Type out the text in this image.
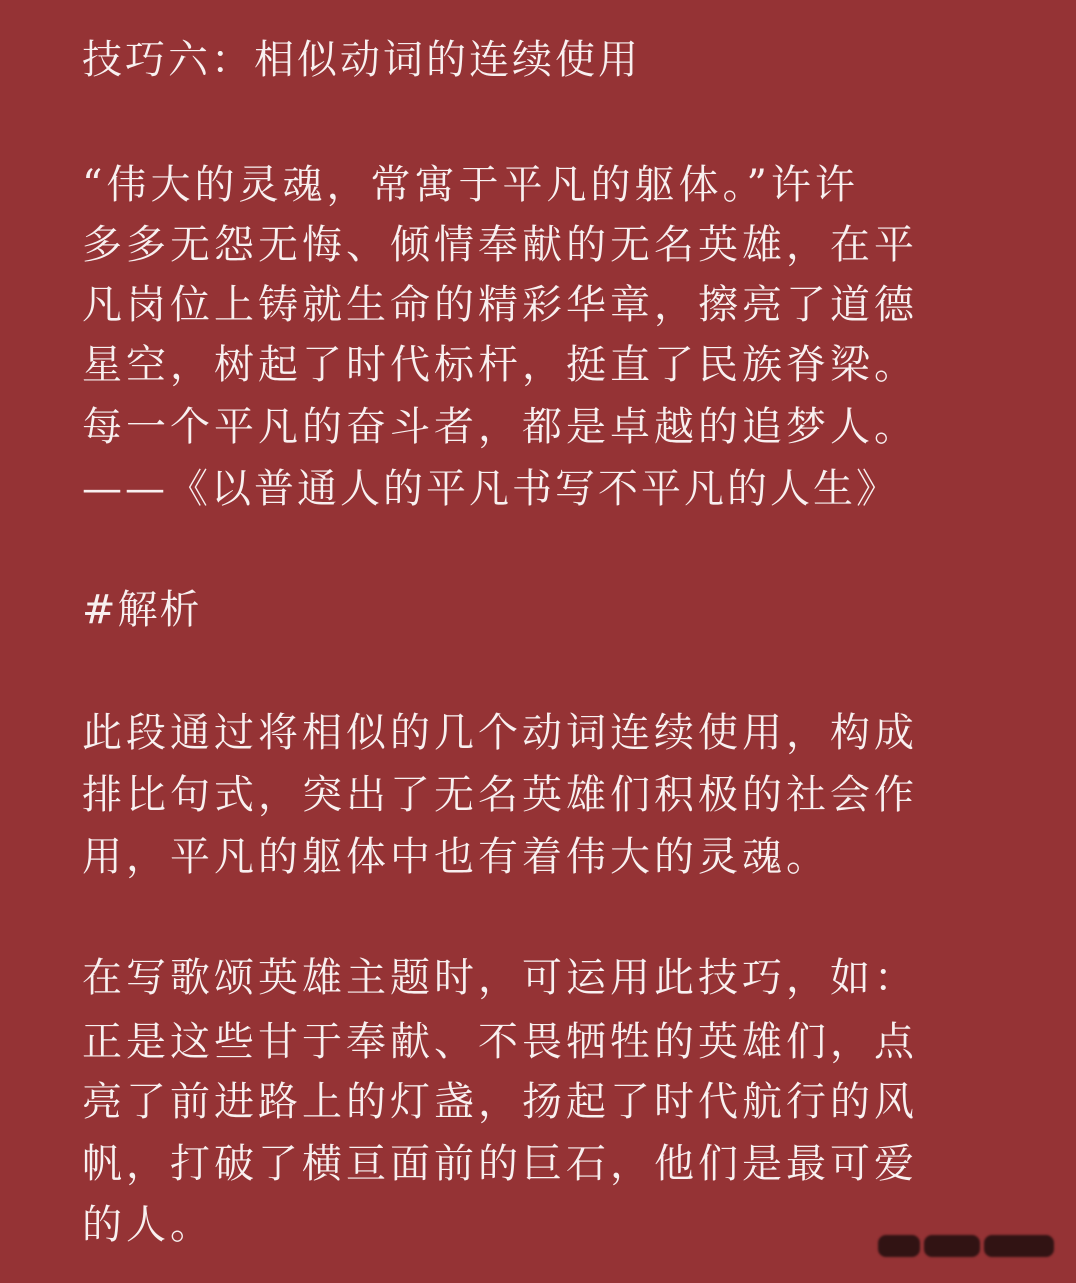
技巧六：相似动词的连续使用

“伟大的灵魂，常寓于平凡的躯体。”许许

多多无怨无悔、倾情奉献的无名英雄，在平

凡岗位上铸就生命的精彩华章，擦亮了道德

星空，树起了时代标杆，挺直了民族脊梁。

每一个平凡的奋斗者，都是卓越的追梦人。

——《以普通人的平凡书写不平凡的人生》

#解析

此段通过将相似的几个动词连续使用，构成

排比句式，突出了无名英雄们积极的社会作

用，平凡的躯体中也有着伟大的灵魂。

在写歌颂英雄主题时，可运用此技巧，如：

正是这些甘于奉献、不畏牺牲的英雄们，点

亮了前进路上的灯盏，扬起了时代航行的风

帆，打破了横亘面前的巨石，他们是最可爱

的人。
